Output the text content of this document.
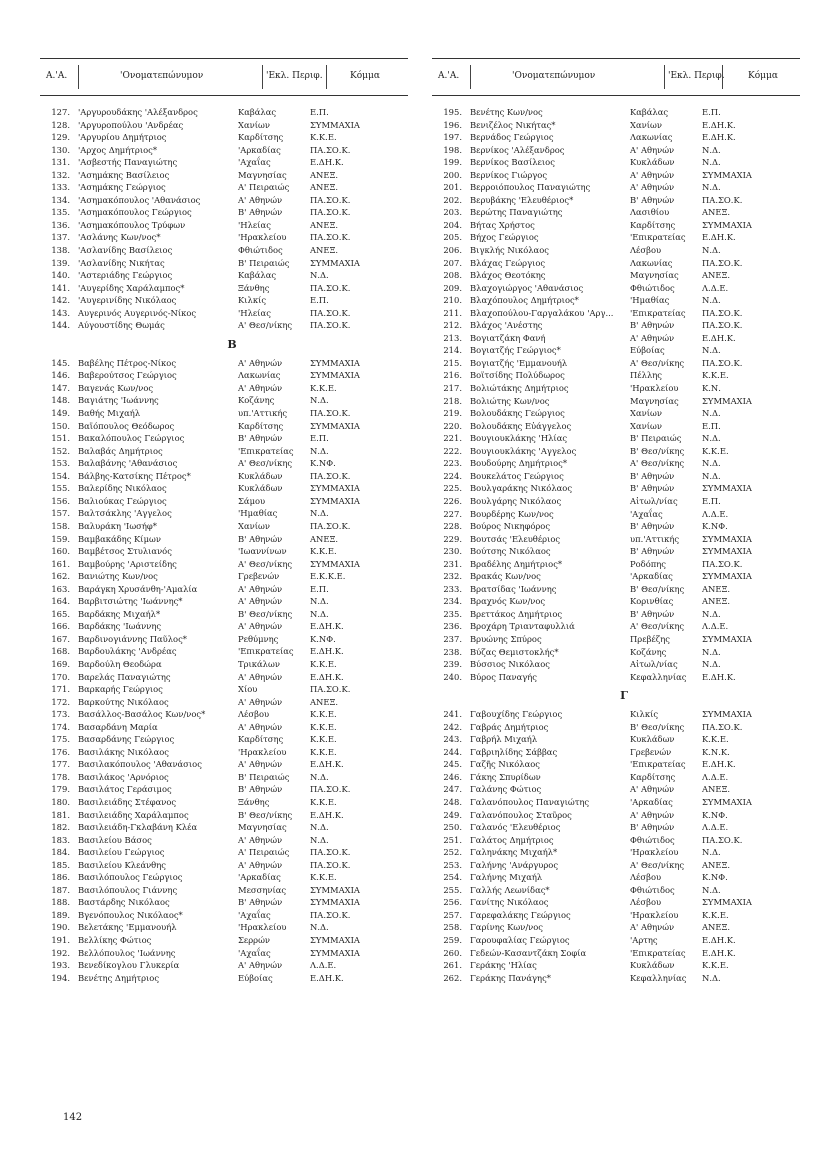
Α.'Α.	'Ονοματεπώνυμον	'Εκλ. Περιφ.	Κόμμα	Α.'Α.	'Ονοματεπώνυμον	'Εκλ. Περιφ.	Κόμμα
127. 'Αργυρουδάκης 'Αλέξανδρος	Καβάλας	Ε.Π.
128. 'Αργυροπούλου 'Ανδρέας	Χανίων	ΣΥΜΜΑΧΙΑ
129. 'Αργυρίου Δημήτριος	Καρδίτσης	Κ.Κ.Ε.
130. 'Αρχος Δημήτριος*	'Αρκαδίας	ΠΑ.ΣΟ.Κ.
131. 'Ασβεστής Παναγιώτης	'Αχαΐας	Ε.ΔΗ.Κ.
132. 'Ασημάκης Βασίλειος	Μαγνησίας	ΑΝΕΞ.
133. 'Ασημάκης Γεώργιος	Α' Πειραιώς ΑΝΕΞ.
134. 'Ασημακόπουλος 'Αθανάσιος	Α' Αθηνών	ΠΑ.ΣΟ.Κ.
135. 'Ασημακόπουλος Γεώργιος	Β' Αθηνών	ΠΑ.ΣΟ.Κ.
136. 'Ασημακόπουλος Τρύφων	'Ηλείας	ΑΝΕΞ.
137. 'Ασλάνης Κων/νος*	'Ηρακλείου	ΠΑ.ΣΟ.Κ.
138. 'Ασλανίδης Βασίλειος	Φθιώτιδος	ΑΝΕΞ.
139. 'Ασλανίδης Νικήτας	Β' Πειραιώς ΣΥΜΜΑΧΙΑ
140. 'Αστεριάδης Γεώργιος	Καβάλας	Ν.Δ.
141. 'Αυγερίδης Χαράλαμπος*	Ξάνθης	ΠΑ.ΣΟ.Κ.
142. 'Αυγερινίδης Νικόλαος	Κιλκίς	Ε.Π.
143. Αυγερινός Αυγερινός-Νίκος	'Ηλείας	ΠΑ.ΣΟ.Κ.
144. Αύγουστίδης Θωμάς	Α' Θεσ/νίκης ΠΑ.ΣΟ.Κ.
Β
145. Βαβέλης Πέτρος-Νίκος	Α' Αθηνών	ΣΥΜΜΑΧΙΑ
146. Βαβερούτσος Γεώργιος	Λακωνίας	ΣΥΜΜΑΧΙΑ
147. Βαγενάς Κων/νος	Α' Αθηνών	Κ.Κ.Ε.
148. Βαγιάτης 'Ιωάννης	Κοζάνης	Ν.Δ.
149. Βαθής Μιχαήλ	υπ.'Αττικής	ΠΑ.ΣΟ.Κ.
150. Βαϊόπουλος Θεόδωρος	Καρδίτσης	ΣΥΜΜΑΧΙΑ
151. Βακαλόπουλος Γεώργιος	Β' Αθηνών	Ε.Π.
152. Βαλαβάς Δημήτριος	'Επικρατείας Ν.Δ.
153. Βαλαβάνης 'Αθανάσιος	Α' Θεσ/νίκης Κ.ΝΦ.
154. Βάλβης-Κατσίκης Πέτρος*	Κυκλάδων	ΠΑ.ΣΟ.Κ.
155. Βαλερίδης Νικόλαος	Κυκλάδων	ΣΥΜΜΑΧΙΑ
156. Βαλιούκας Γεώργιος	Σάμου	ΣΥΜΜΑΧΙΑ
157. Βαλτσάκλης 'Αγγελος	'Ημαθίας	Ν.Δ.
158. Βαλυράκη 'Ιωσήφ*	Χανίων	ΠΑ.ΣΟ.Κ.
159. Βαμβακάδης Κίμων	Β' Αθηνών	ΑΝΕΞ.
160. Βαμβέτσος Στυλιανός	'Ιωαννίνων	Κ.Κ.Ε.
161. Βαμβούρης 'Αριστείδης	Α' Θεσ/νίκης ΣΥΜΜΑΧΙΑ
162. Βανιώτης Κων/νος	Γρεβενών	Ε.Κ.Κ.Ε.
163. Βαράγκη Χρυσάνθη-'Αμαλία	Α' Αθηνών	Ε.Π.
164. Βαρβιτσιώτης 'Ιωάννης*	Α' Αθηνών	Ν.Δ.
165. Βαρδάκης Μιχαήλ*	Β' Θεσ/νίκης Ν.Δ.
166. Βαρδάκης 'Ιωάννης	Α' Αθηνών	Ε.ΔΗ.Κ.
167. Βαρδινογιάννης Παῦλος*	Ρεθύμνης	Κ.ΝΦ.
168. Βαρδουλάκης 'Ανδρέας	'Επικρατείας Ε.ΔΗ.Κ.
169. Βαρδούλη Θεοδώρα	Τρικάλων	Κ.Κ.Ε.
170. Βαρελάς Παναγιώτης	Α' Αθηνών	Ε.ΔΗ.Κ.
171. Βαρκαρής Γεώργιος	Χίου	ΠΑ.ΣΟ.Κ.
172. Βαρκούτης Νικόλαος	Α' Αθηνών	ΑΝΕΞ.
173. Βασάλλος-Βασάλος Κων/νος*	Λέσβου	Κ.Κ.Ε.
174. Βασαρδάνη Μαρία	Α' Αθηνών	Κ.Κ.Ε.
175. Βασαρδάνης Γεώργιος	Καρδίτσης	Κ.Κ.Ε.
176. Βασιλάκης Νικόλαος	'Ηρακλείου	Κ.Κ.Ε.
177. Βασιλακόπουλος 'Αθανάσιος	Α' Αθηνών	Ε.ΔΗ.Κ.
178. Βασιλάκος 'Αρνόριος	Β' Πειραιώς Ν.Δ.
179. Βασιλάτος Γεράσιμος	Β' Αθηνών	ΠΑ.ΣΟ.Κ.
180. Βασιλειάδης Στέφανος	Ξάνθης	Κ.Κ.Ε.
181. Βασιλειάδης Χαράλαμπος	Β' Θεσ/νίκης Ε.ΔΗ.Κ.
182. Βασιλειάδη-Γκλαβάνη Κλέα	Μαγνησίας	Ν.Δ.
183. Βασιλείου Βάσος	Α' Αθηνών	Ν.Δ.
184. Βασιλείου Γεώργιος	Α' Πειραιώς ΠΑ.ΣΟ.Κ.
185. Βασιλείου Κλεάνθης	Α' Αθηνών	ΠΑ.ΣΟ.Κ.
186. Βασιλόπουλος Γεώργιος	'Αρκαδίας	Κ.Κ.Ε.
187. Βασιλόπουλος Γιάννης	Μεσσηνίας	ΣΥΜΜΑΧΙΑ
188. Βαστάρδης Νικόλαος	Β' Αθηνών	ΣΥΜΜΑΧΙΑ
189. Βγενόπουλος Νικόλαος*	'Αχαΐας	ΠΑ.ΣΟ.Κ.
190. Βελετάκης 'Εμμανουήλ	'Ηρακλείου	Ν.Δ.
191. Βελλίκης Φώτιος	Σερρών	ΣΥΜΜΑΧΙΑ
192. Βελλόπουλος 'Ιωάννης	'Αχαΐας	ΣΥΜΜΑΧΙΑ
193. Βενεδίκογλου Γλυκερία	Α' Αθηνών	Λ.Δ.Ε.
194. Βενέτης Δημήτριος	Εύβοίας	Ε.ΔΗ.Κ.
195. Βενέτης Κων/νος	Καβάλας	Ε.Π.
196. Βενιζέλος Νικήτας*	Χανίων	Ε.ΔΗ.Κ.
197. Βερνάδος Γεώργιος	Λακωνίας	Ε.ΔΗ.Κ.
198. Βερνίκος 'Αλέξανδρος	Α' Αθηνών	Ν.Δ.
199. Βερνίκος Βασίλειος	Κυκλάδων	Ν.Δ.
200. Βερνίκος Γιώργος	Α' Αθηνών	ΣΥΜΜΑΧΙΑ
201. Βερροιόπουλος Παναγιώτης	Α' Αθηνών	Ν.Δ.
202. Βερυβάκης 'Ελευθέριος*	Β' Αθηνών	ΠΑ.ΣΟ.Κ.
203. Βερώτης Παναγιώτης	Λασιθίου	ΑΝΕΞ.
204. Βήτας Χρήστος	Καρδίτσης	ΣΥΜΜΑΧΙΑ
205. Βήχος Γεώργιος	'Επικρατείας Ε.ΔΗ.Κ.
206. Βιγκλής Νικόλαος	Λέσβου	Ν.Δ.
207. Βλάχας Γεώργιος	Λακωνίας	ΠΑ.ΣΟ.Κ.
208. Βλάχος Θεοτόκης	Μαγνησίας	ΑΝΕΞ.
209. Βλαχογιώργος 'Αθανάσιος	Φθιώτιδος	Λ.Δ.Ε.
210. Βλαχόπουλος Δημήτριος*	'Ημαθίας	Ν.Δ.
211. Βλαχοπούλου-Γαργαλάκου 'Αργ... 'Επικρατείας ΠΑ.ΣΟ.Κ.
212. Βλάχος 'Ανέστης	Β' Αθηνών	ΠΑ.ΣΟ.Κ.
213. Βογιατζάκη Φανή	Α' Αθηνών	Ε.ΔΗ.Κ.
214. Βογιατζής Γεώργιος*	Εύβοίας	Ν.Δ.
215. Βογιατζής 'Εμμανουήλ	Α' Θεσ/νίκης ΠΑ.ΣΟ.Κ.
216. Βοϊτσίδης Πολύδωρος	Πέλλης	Κ.Κ.Ε.
217. Βολιώτάκης Δημήτριος	'Ηρακλείου	Κ.Ν.
218. Βολιώτης Κων/νος	Μαγνησίας	ΣΥΜΜΑΧΙΑ
219. Βολουδάκης Γεώργιος	Χανίων	Ν.Δ.
220. Βολουδάκης Εὐάγγελος	Χανίων	Ε.Π.
221. Βουγιουκλάκης 'Ηλίας	Β' Πειραιώς Ν.Δ.
222. Βουγιουκλάκης 'Αγγελος	Β' Θεσ/νίκης Κ.Κ.Ε.
223. Βουδούρης Δημήτριος*	Α' Θεσ/νίκης Ν.Δ.
224. Βουκελάτος Γεώργιος	Β' Αθηνών	Ν.Δ.
225. Βουλγαράκης Νικόλαος	Β' Αθηνών	ΣΥΜΜΑΧΙΑ
226. Βουλγάρης Νικόλαος	Αἰτωλ/νίας	Ε.Π.
227. Βουρδέρης Κων/νος	'Αχαΐας	Λ.Δ.Ε.
228. Βούρος Νικηφόρος	Β' Αθηνών	Κ.ΝΦ.
229. Βουτσάς 'Ελευθέριος	υπ.'Αττικής	ΣΥΜΜΑΧΙΑ
230. Βούτσης Νικόλαος	Β' Αθηνών	ΣΥΜΜΑΧΙΑ
231. Βραδέλης Δημήτριος*	Ροδόπης	ΠΑ.ΣΟ.Κ.
232. Βρακάς Κων/νος	'Αρκαδίας	ΣΥΜΜΑΧΙΑ
233. Βρατσίδας 'Ιωάννης	Β' Θεσ/νίκης ΑΝΕΞ.
234. Βραχνός Κων/νος	Κορινθίας	ΑΝΕΞ.
235. Βρεττάκος Δημήτριος	Β' Αθηνών	Ν.Δ.
236. Βροχάρη Τριανταφυλλιά	Α' Θεσ/νίκης Λ.Δ.Ε.
237. Βρυώνης Σπύρος	Πρεβέζης	ΣΥΜΜΑΧΙΑ
238. Βύζας Θεμιστοκλής*	Κοζάνης	Ν.Δ.
239. Βύσσιος Νικόλαος	Αἰτωλ/νίας	Ν.Δ.
240. Βύρος Παναγής	Κεφαλληνίας Ε.ΔΗ.Κ.
Γ
241. Γαβουχίδης Γεώργιος	Κιλκίς	ΣΥΜΜΑΧΙΑ
242. Γαβράς Δημήτριος	Β' Θεσ/νίκης ΠΑ.ΣΟ.Κ.
243. Γαβρήλ Μιχαήλ	Κυκλάδων	Κ.Κ.Ε.
244. Γαβριηλίδης Σάββας	Γρεβενών	Κ.Ν.Κ.
245. Γαζῆς Νικόλαος	'Επικρατείας Ε.ΔΗ.Κ.
246. Γάκης Σπυρίδων	Καρδίτσης	Λ.Δ.Ε.
247. Γαλάνης Φώτιος	Α' Αθηνών	ΑΝΕΞ.
248. Γαλανόπουλος Παναγιώτης	'Αρκαδίας	ΣΥΜΜΑΧΙΑ
249. Γαλανόπουλος Σταῦρος	Α' Αθηνών	Κ.ΝΦ.
250. Γαλανός 'Ελευθέριος	Β' Αθηνών	Λ.Δ.Ε.
251. Γαλάτος Δημήτριος	Φθιώτιδος	ΠΑ.ΣΟ.Κ.
252. Γαληνάκης Μιχαήλ*	'Ηρακλείου	Ν.Δ.
253. Γαλήνης 'Ανάργυρος	Α' Θεσ/νίκης ΑΝΕΞ.
254. Γαλήνης Μιχαήλ	Λέσβου	Κ.ΝΦ.
255. Γαλλής Λεωνίδας*	Φθιώτιδος	Ν.Δ.
256. Γανίτης Νικόλαος	Λέσβου	ΣΥΜΜΑΧΙΑ
257. Γαρεφαλάκης Γεώργιος	'Ηρακλείου	Κ.Κ.Ε.
258. Γαρίνης Κων/νος	Α' Αθηνών	ΑΝΕΞ.
259. Γαρουφαλίας Γεώργιος	'Αρτης	Ε.ΔΗ.Κ.
260. Γεδεών-Κασαντζάκη Σοφία	'Επικρατείας Ε.ΔΗ.Κ.
261. Γεράκης 'Ηλίας	Κυκλάδων	Κ.Κ.Ε.
262. Γεράκης Πανάγης*	Κεφαλληνίας Ν.Δ.
142
